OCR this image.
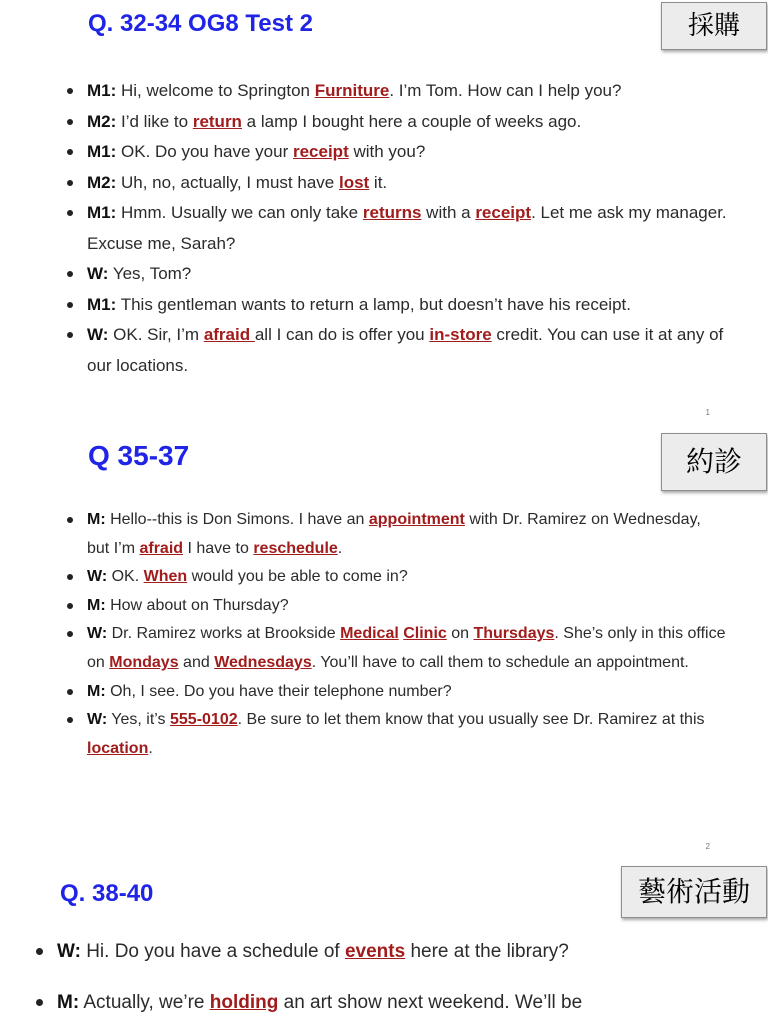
Q. 32-34 OG8 Test 2	採購
M1: Hi, welcome to Springton Furniture. I’m Tom. How can I help you?
M2: I’d like to return a lamp I bought here a couple of weeks ago.
M1: OK. Do you have your receipt with you?
M2: Uh, no, actually, I must have lost it.
M1: Hmm. Usually we can only take returns with a receipt. Let me ask my manager. Excuse me, Sarah?
W: Yes, Tom?
M1: This gentleman wants to return a lamp, but doesn’t have his receipt.
W: OK. Sir, I’m afraid all I can do is offer you in-store credit. You can use it at any of our locations.
1
Q 35-37	約診
M: Hello--this is Don Simons. I have an appointment with Dr. Ramirez on Wednesday, but I’m afraid I have to reschedule.
W: OK. When would you be able to come in?
M: How about on Thursday?
W: Dr. Ramirez works at Brookside Medical Clinic on Thursdays. She’s only in this office on Mondays and Wednesdays. You’ll have to call them to schedule an appointment.
M: Oh, I see. Do you have their telephone number?
W: Yes, it’s 555-0102. Be sure to let them know that you usually see Dr. Ramirez at this location.
2
Q. 38-40	藝術活動
W: Hi. Do you have a schedule of events here at the library?
M: Actually, we’re holding an art show next weekend. We’ll be
